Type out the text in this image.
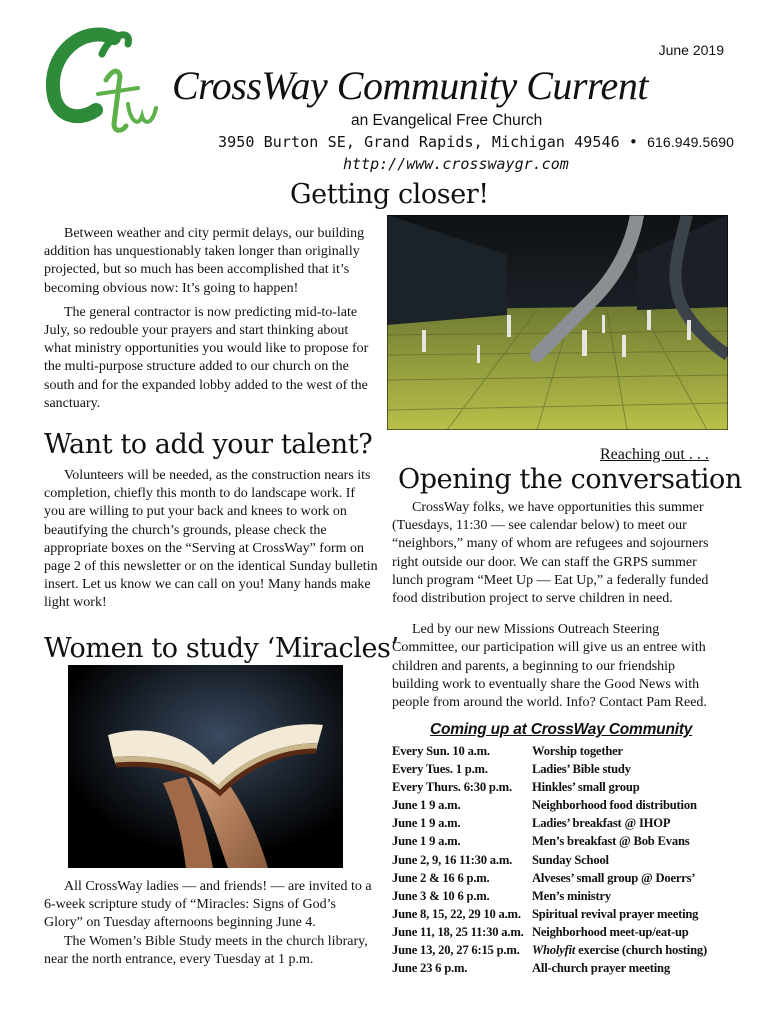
June 2019
CrossWay Community Current
an Evangelical Free Church
3950 Burton SE, Grand Rapids, Michigan 49546 • 616.949.5690
http://www.crosswaygr.com
Getting closer!

Between weather and city permit delays, our building addition has unquestionably taken longer than originally projected, but so much has been accomplished that it’s becoming obvious now: It’s going to happen!

The general contractor is now predicting mid-to-late July, so redouble your prayers and start thinking about what ministry opportunities you would like to propose for the multi-purpose structure added to our church on the south and for the expanded lobby added to the west of the sanctuary.

Want to add your talent?

Volunteers will be needed, as the construction nears its completion, chiefly this month to do landscape work. If you are willing to put your back and knees to work on beautifying the church’s grounds, please check the appropriate boxes on the “Serving at CrossWay” form on page 2 of this newsletter or on the identical Sunday bulletin insert. Let us know we can call on you! Many hands make light work!

Reaching out . . .
Opening the conversation

CrossWay folks, we have opportunities this summer (Tuesdays, 11:30 — see calendar below) to meet our “neighbors,” many of whom are refugees and sojourners right outside our door. We can staff the GRPS summer lunch program “Meet Up — Eat Up,” a federally funded food distribution project to serve children in need.

Led by our new Missions Outreach Steering Committee, our participation will give us an entree with children and parents, a beginning to our friendship building work to eventually share the Good News with people from around the world. Info? Contact Pam Reed.

Women to study ‘Miracles’

All CrossWay ladies — and friends! — are invited to a 6-week scripture study of “Miracles: Signs of God’s Glory” on Tuesday afternoons beginning June 4.

The Women’s Bible Study meets in the church library, near the north entrance, every Tuesday at 1 p.m.

Coming up at CrossWay Community
Every Sun. 10 a.m.	Worship together
Every Tues. 1 p.m.	Ladies’ Bible study
Every Thurs. 6:30 p.m.	Hinkles’ small group
June 1 9 a.m.	Neighborhood food distribution
June 1 9 a.m.	Ladies’ breakfast @ IHOP
June 1 9 a.m.	Men’s breakfast @ Bob Evans
June 2, 9, 16 11:30 a.m.	Sunday School
June 2 & 16 6 p.m.	Alveses’ small group @ Doerrs’
June 3 & 10 6 p.m.	Men’s ministry
June 8, 15, 22, 29 10 a.m. Spiritual revival prayer meeting
June 11, 18, 25 11:30 a.m. Neighborhood meet-up/eat-up
June 13, 20, 27 6:15 p.m. Wholyfit exercise (church hosting)
June 23 6 p.m.	All-church prayer meeting
